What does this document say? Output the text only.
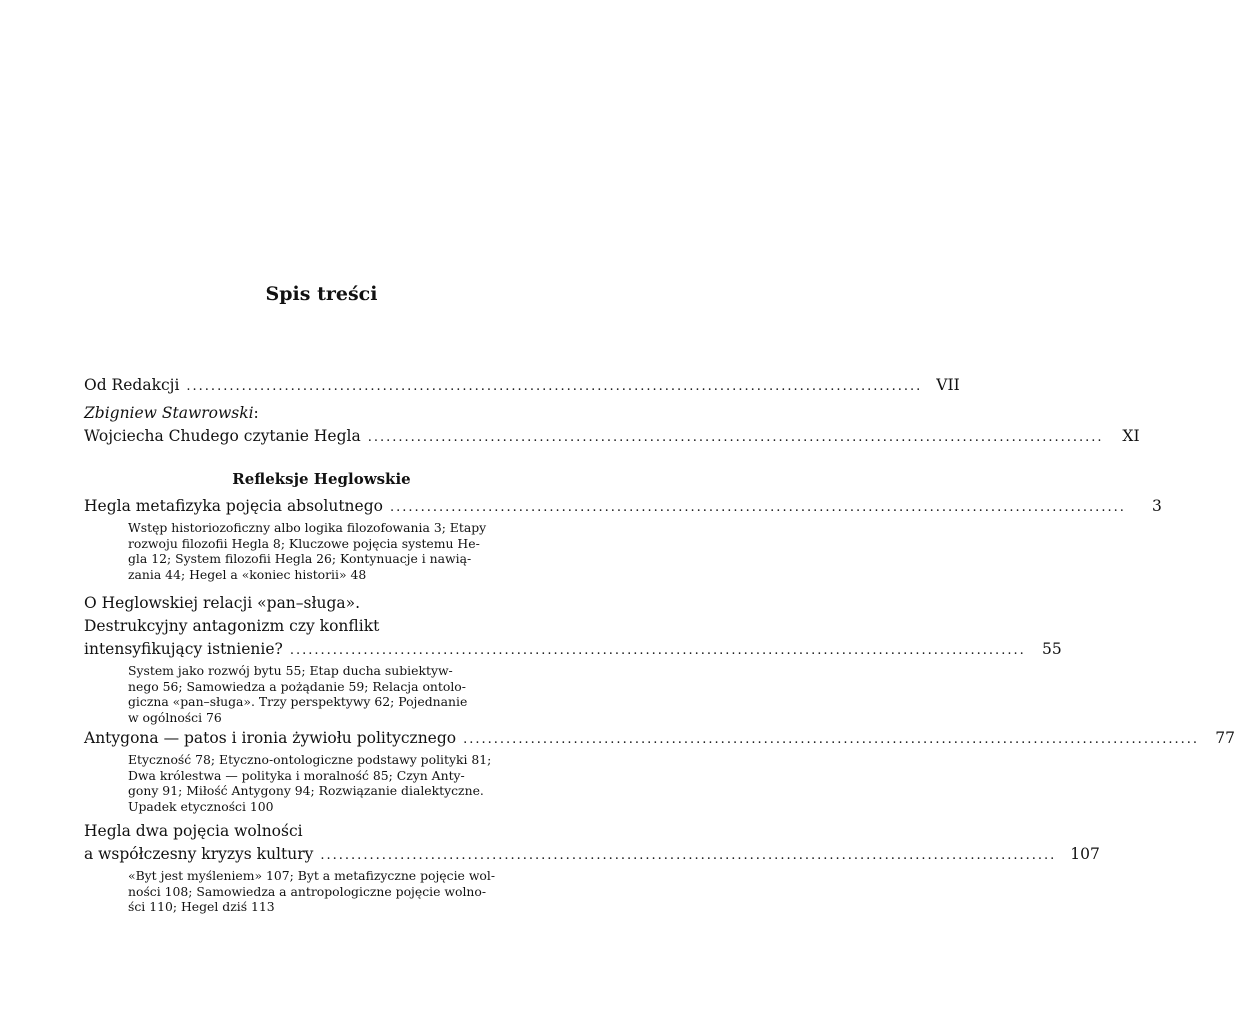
Spis treści
Od Redakcji ........................................................................................................................ VII
Zbigniew Stawrowski:
Wojciecha Chudego czytanie Hegla ........................................................................................................................	XI
Refleksje Heglowskie
Hegla metafizyka pojęcia absolutnego ........................................................................................................................	3
Wstęp historiozoficzny albo logika filozofowania 3; Etapy
rozwoju filozofii Hegla 8; Kluczowe pojęcia systemu He-
gla 12; System filozofii Hegla 26; Kontynuacje i nawią-
zania 44; Hegel a «koniec historii» 48
O Heglowskiej relacji «pan–sługa».
Destrukcyjny antagonizm czy konflikt
intensyfikujący istnienie? ........................................................................................................................ 55
System jako rozwój bytu 55; Etap ducha subiektyw-
nego 56; Samowiedza a pożądanie 59; Relacja ontolo-
giczna «pan–sługa». Trzy perspektywy 62; Pojednanie
w ogólności 76
Antygona — patos i ironia żywiołu politycznego ........................................................................................................................ 77
Etyczność 78; Etyczno-ontologiczne podstawy polityki 81;
Dwa królestwa — polityka i moralność 85; Czyn Anty-
gony 91; Miłość Antygony 94; Rozwiązanie dialektyczne.
Upadek etyczności 100
Hegla dwa pojęcia wolności
a współczesny kryzys kultury ........................................................................................................................ 107
«Byt jest myśleniem» 107; Byt a metafizyczne pojęcie wol-
ności 108; Samowiedza a antropologiczne pojęcie wolno-
ści 110; Hegel dziś 113
